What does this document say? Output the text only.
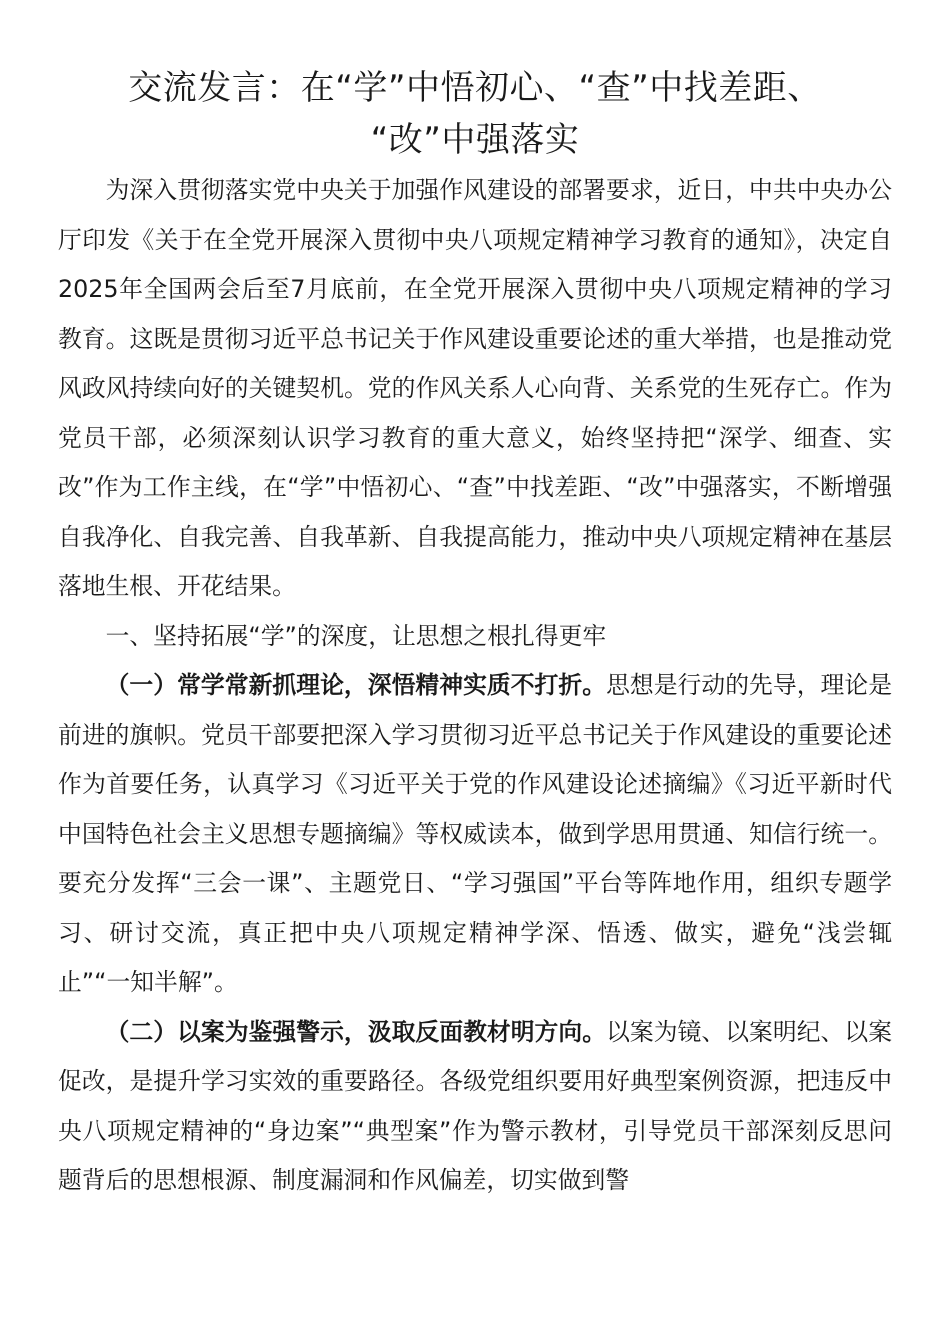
交流发言：在“学”中悟初心、“查”中找差距、
“改”中强落实

为深入贯彻落实党中央关于加强作风建设的部署要求，近日，中共中央办公厅印发《关于在全党开展深入贯彻中央八项规定精神学习教育的通知》，决定自2025年全国两会后至7月底前，在全党开展深入贯彻中央八项规定精神的学习教育。这既是贯彻习近平总书记关于作风建设重要论述的重大举措，也是推动党风政风持续向好的关键契机。党的作风关系人心向背、关系党的生死存亡。作为党员干部，必须深刻认识学习教育的重大意义，始终坚持把“深学、细查、实改”作为工作主线，在“学”中悟初心、“查”中找差距、“改”中强落实，不断增强自我净化、自我完善、自我革新、自我提高能力，推动中央八项规定精神在基层落地生根、开花结果。

一、坚持拓展“学”的深度，让思想之根扎得更牢

（一）常学常新抓理论，深悟精神实质不打折。思想是行动的先导，理论是前进的旗帜。党员干部要把深入学习贯彻习近平总书记关于作风建设的重要论述作为首要任务，认真学习《习近平关于党的作风建设论述摘编》《习近平新时代中国特色社会主义思想专题摘编》等权威读本，做到学思用贯通、知信行统一。要充分发挥“三会一课”、主题党日、“学习强国”平台等阵地作用，组织专题学习、研讨交流，真正把中央八项规定精神学深、悟透、做实，避免“浅尝辄止”“一知半解”。

（二）以案为鉴强警示，汲取反面教材明方向。以案为镜、以案明纪、以案促改，是提升学习实效的重要路径。各级党组织要用好典型案例资源，把违反中央八项规定精神的“身边案”“典型案”作为警示教材，引导党员干部深刻反思问题背后的思想根源、制度漏洞和作风偏差，切实做到警
